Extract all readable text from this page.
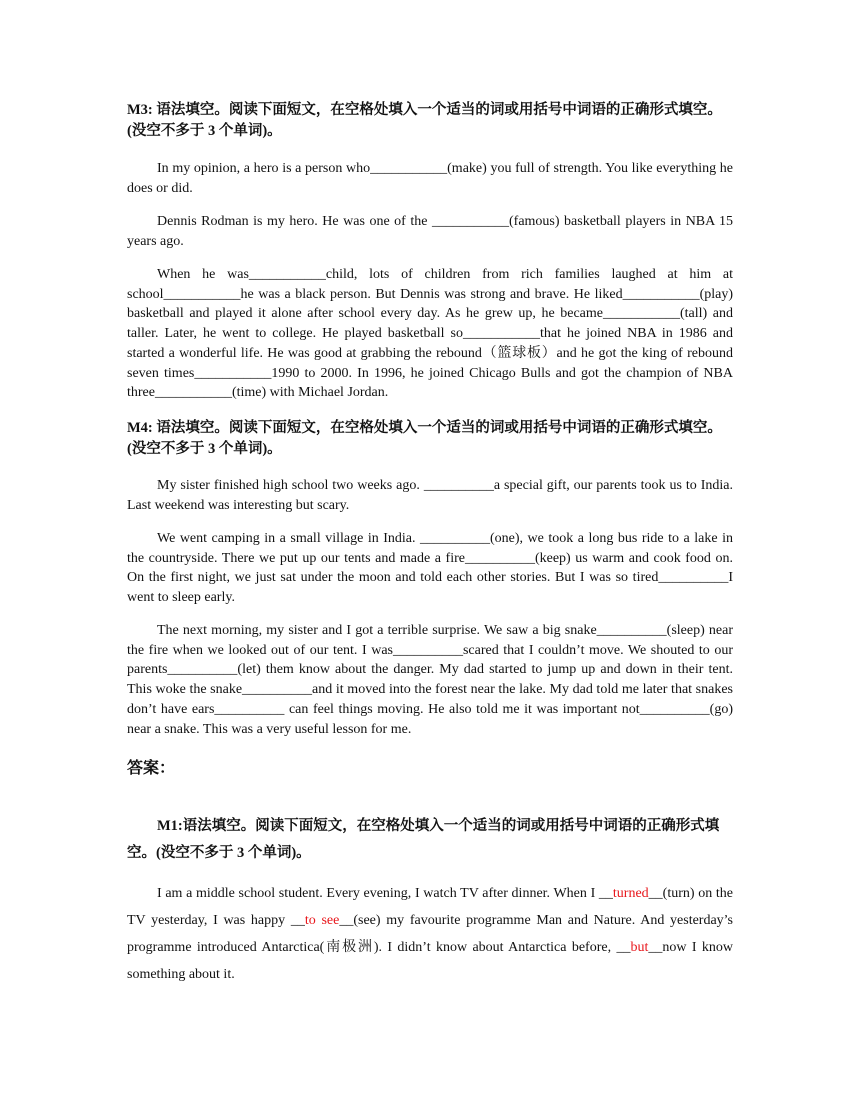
M3: 语法填空。阅读下面短文，在空格处填入一个适当的词或用括号中词语的正确形式填空。(没空不多于 3 个单词)。
In my opinion, a hero is a person who___________(make) you full of strength. You like everything he does or did.
Dennis Rodman is my hero. He was one of the ___________(famous) basketball players in NBA 15 years ago.
When he was___________child, lots of children from rich families laughed at him at school___________he was a black person. But Dennis was strong and brave. He liked___________(play) basketball and played it alone after school every day. As he grew up, he became___________(tall) and taller. Later, he went to college. He played basketball so___________that he joined NBA in 1986 and started a wonderful life. He was good at grabbing the rebound（篮球板）and he got the king of rebound seven times___________1990 to 2000. In 1996, he joined Chicago Bulls and got the champion of NBA three___________(time) with Michael Jordan.
M4: 语法填空。阅读下面短文，在空格处填入一个适当的词或用括号中词语的正确形式填空。(没空不多于 3 个单词)。
My sister finished high school two weeks ago. __________a special gift, our parents took us to India. Last weekend was interesting but scary.
We went camping in a small village in India. __________(one), we took a long bus ride to a lake in the countryside. There we put up our tents and made a fire__________(keep) us warm and cook food on. On the first night, we just sat under the moon and told each other stories. But I was so tired__________I went to sleep early.
The next morning, my sister and I got a terrible surprise. We saw a big snake__________(sleep) near the fire when we looked out of our tent. I was__________scared that I couldn’t move. We shouted to our parents__________(let) them know about the danger. My dad started to jump up and down in their tent. This woke the snake__________and it moved into the forest near the lake. My dad told me later that snakes don’t have ears__________ can feel things moving. He also told me it was important not__________(go) near a snake. This was a very useful lesson for me.
答案：
M1:语法填空。阅读下面短文，在空格处填入一个适当的词或用括号中词语的正确形式填空。(没空不多于 3 个单词)。
I am a middle school student. Every evening, I watch TV after dinner. When I __turned__(turn) on the TV yesterday, I was happy __to see__(see) my favourite programme Man and Nature. And yesterday’s programme introduced Antarctica(南极洲). I didn’t know about Antarctica before, __but__now I know something about it.
